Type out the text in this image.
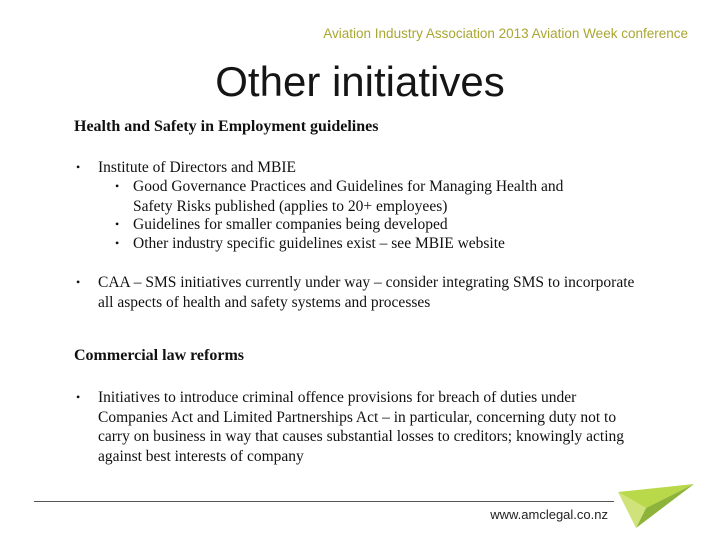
Aviation Industry Association 2013 Aviation Week conference
Other initiatives
Health and Safety in Employment guidelines
• Institute of Directors and MBIE
• Good Governance Practices and Guidelines for Managing Health and Safety Risks published (applies to 20+ employees)
• Guidelines for smaller companies being developed
• Other industry specific guidelines exist – see MBIE website
• CAA – SMS initiatives currently under way – consider integrating SMS to incorporate all aspects of health and safety systems and processes
Commercial law reforms
• Initiatives to introduce criminal offence provisions for breach of duties under Companies Act and Limited Partnerships Act – in particular, concerning duty not to carry on business in way that causes substantial losses to creditors; knowingly acting against best interests of company
www.amclegal.co.nz
